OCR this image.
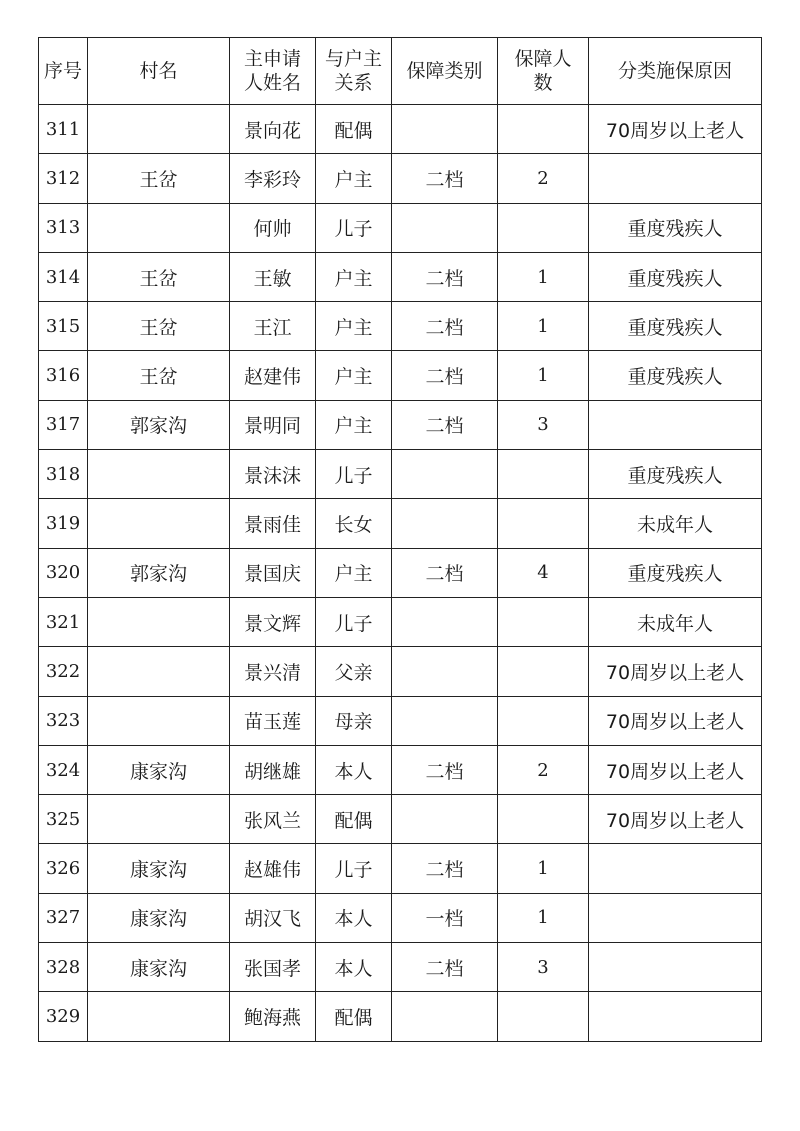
序号	村名	主申请人姓名	与户主关系	保障类别	保障人数	分类施保原因
311		景向花	配偶			70周岁以上老人
312	王岔	李彩玲	户主	二档	2	
313		何帅	儿子			重度残疾人
314	王岔	王敏	户主	二档	1	重度残疾人
315	王岔	王江	户主	二档	1	重度残疾人
316	王岔	赵建伟	户主	二档	1	重度残疾人
317	郭家沟	景明同	户主	二档	3	
318		景沫沫	儿子			重度残疾人
319		景雨佳	长女			未成年人
320	郭家沟	景国庆	户主	二档	4	重度残疾人
321		景文辉	儿子			未成年人
322		景兴清	父亲			70周岁以上老人
323		苗玉莲	母亲			70周岁以上老人
324	康家沟	胡继雄	本人	二档	2	70周岁以上老人
325		张风兰	配偶			70周岁以上老人
326	康家沟	赵雄伟	儿子	二档	1	
327	康家沟	胡汉飞	本人	一档	1	
328	康家沟	张国孝	本人	二档	3	
329		鲍海燕	配偶			
